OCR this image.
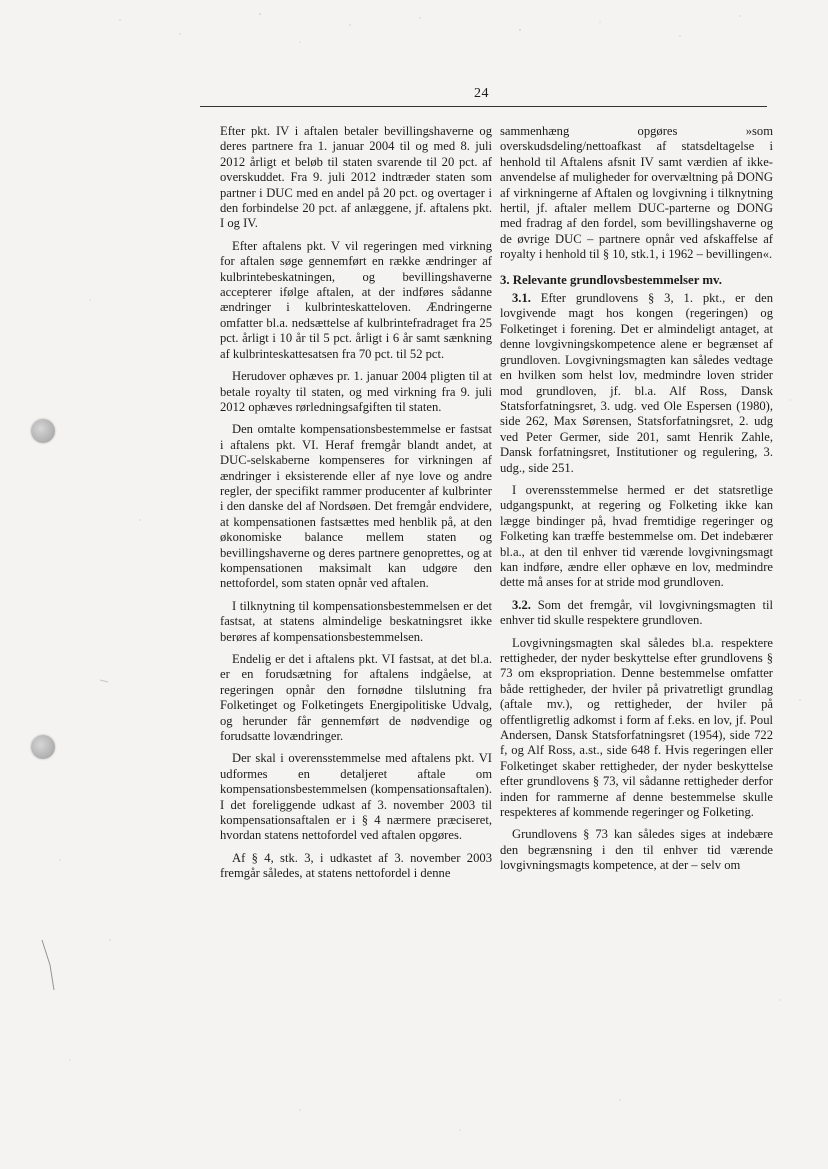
24

Efter pkt. IV i aftalen betaler bevillingshaverne og deres partnere fra 1. januar 2004 til og med 8. juli 2012 årligt et beløb til staten svarende til 20 pct. af overskuddet. Fra 9. juli 2012 indtræder staten som partner i DUC med en andel på 20 pct. og overtager i den forbindelse 20 pct. af anlæggene, jf. aftalens pkt. I og IV.

Efter aftalens pkt. V vil regeringen med virkning for aftalen søge gennemført en række ændringer af kulbrintebeskatningen, og bevillingshaverne accepterer ifølge aftalen, at der indføres sådanne ændringer i kulbrinteskatteloven. Ændringerne omfatter bl.a. nedsættelse af kulbrintefradraget fra 25 pct. årligt i 10 år til 5 pct. årligt i 6 år samt sænkning af kulbrinteskattesatsen fra 70 pct. til 52 pct.

Herudover ophæves pr. 1. januar 2004 pligten til at betale royalty til staten, og med virkning fra 9. juli 2012 ophæves rørledningsafgiften til staten.

Den omtalte kompensationsbestemmelse er fastsat i aftalens pkt. VI. Heraf fremgår blandt andet, at DUC-selskaberne kompenseres for virkningen af ændringer i eksisterende eller af nye love og andre regler, der specifikt rammer producenter af kulbrinter i den danske del af Nordsøen. Det fremgår endvidere, at kompensationen fastsættes med henblik på, at den økonomiske balance mellem staten og bevillingshaverne og deres partnere genoprettes, og at kompensationen maksimalt kan udgøre den nettofordel, som staten opnår ved aftalen.

I tilknytning til kompensationsbestemmelsen er det fastsat, at statens almindelige beskatningsret ikke berøres af kompensationsbestemmelsen.

Endelig er det i aftalens pkt. VI fastsat, at det bl.a. er en forudsætning for aftalens indgåelse, at regeringen opnår den fornødne tilslutning fra Folketinget og Folketingets Energipolitiske Udvalg, og herunder får gennemført de nødvendige og forudsatte lovændringer.

Der skal i overensstemmelse med aftalens pkt. VI udformes en detaljeret aftale om kompensationsbestemmelsen (kompensationsaftalen). I det foreliggende udkast af 3. november 2003 til kompensationsaftalen er i § 4 nærmere præciseret, hvordan statens nettofordel ved aftalen opgøres.

Af § 4, stk. 3, i udkastet af 3. november 2003 fremgår således, at statens nettofordel i denne

sammenhæng opgøres »som overskudsdeling/nettoafkast af statsdeltagelse i henhold til Aftalens afsnit IV samt værdien af ikke-anvendelse af muligheder for overvæltning på DONG af virkningerne af Aftalen og lovgivning i tilknytning hertil, jf. aftaler mellem DUC-parterne og DONG med fradrag af den fordel, som bevillingshaverne og de øvrige DUC – partnere opnår ved afskaffelse af royalty i henhold til § 10, stk.1, i 1962 – bevillingen«.

3. Relevante grundlovsbestemmelser mv.

3.1. Efter grundlovens § 3, 1. pkt., er den lovgivende magt hos kongen (regeringen) og Folketinget i forening. Det er almindeligt antaget, at denne lovgivningskompetence alene er begrænset af grundloven. Lovgivningsmagten kan således vedtage en hvilken som helst lov, medmindre loven strider mod grundloven, jf. bl.a. Alf Ross, Dansk Statsforfatningsret, 3. udg. ved Ole Espersen (1980), side 262, Max Sørensen, Statsforfatningsret, 2. udg ved Peter Germer, side 201, samt Henrik Zahle, Dansk forfatningsret, Institutioner og regulering, 3. udg., side 251.

I overensstemmelse hermed er det statsretlige udgangspunkt, at regering og Folketing ikke kan lægge bindinger på, hvad fremtidige regeringer og Folketing kan træffe bestemmelse om. Det indebærer bl.a., at den til enhver tid værende lovgivningsmagt kan indføre, ændre eller ophæve en lov, medmindre dette må anses for at stride mod grundloven.

3.2. Som det fremgår, vil lovgivningsmagten til enhver tid skulle respektere grundloven.

Lovgivningsmagten skal således bl.a. respektere rettigheder, der nyder beskyttelse efter grundlovens § 73 om ekspropriation. Denne bestemmelse omfatter både rettigheder, der hviler på privatretligt grundlag (aftale mv.), og rettigheder, der hviler på offentligretlig adkomst i form af f.eks. en lov, jf. Poul Andersen, Dansk Statsforfatningsret (1954), side 722 f, og Alf Ross, a.st., side 648 f. Hvis regeringen eller Folketinget skaber rettigheder, der nyder beskyttelse efter grundlovens § 73, vil sådanne rettigheder derfor inden for rammerne af denne bestemmelse skulle respekteres af kommende regeringer og Folketing.

Grundlovens § 73 kan således siges at indebære den begrænsning i den til enhver tid værende lovgivningsmagts kompetence, at der – selv om
